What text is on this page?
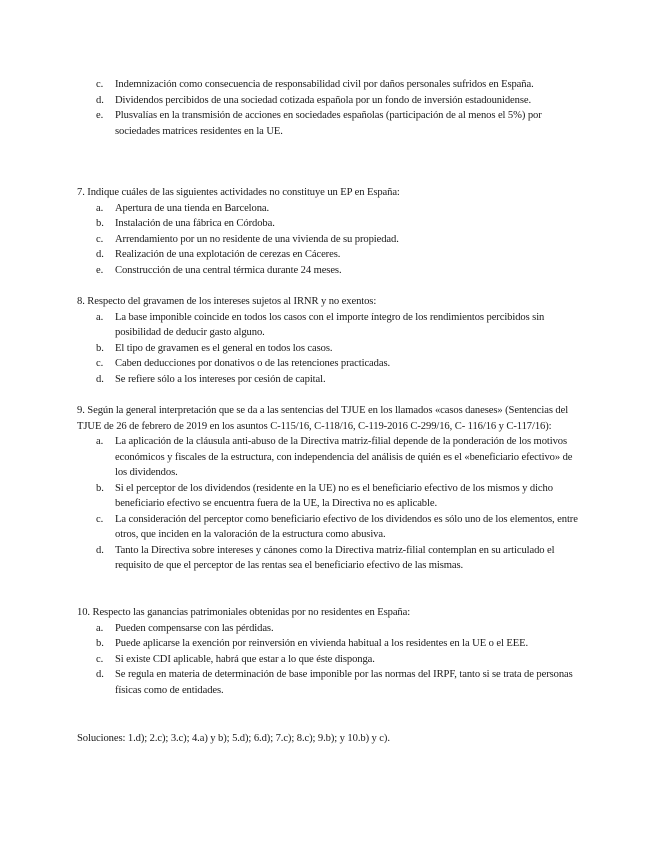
c. Indemnización como consecuencia de responsabilidad civil por daños personales sufridos en España.
d. Dividendos percibidos de una sociedad cotizada española por un fondo de inversión estadounidense.
e. Plusvalías en la transmisión de acciones en sociedades españolas (participación de al menos el 5%) por sociedades matrices residentes en la UE.

7. Indique cuáles de las siguientes actividades no constituye un EP en España:

a. Apertura de una tienda en Barcelona.
b. Instalación de una fábrica en Córdoba.
c. Arrendamiento por un no residente de una vivienda de su propiedad.
d. Realización de una explotación de cerezas en Cáceres.
e. Construcción de una central térmica durante 24 meses.

8. Respecto del gravamen de los intereses sujetos al IRNR y no exentos:

a. La base imponible coincide en todos los casos con el importe íntegro de los rendimientos percibidos sin posibilidad de deducir gasto alguno.
b. El tipo de gravamen es el general en todos los casos.
c. Caben deducciones por donativos o de las retenciones practicadas.
d. Se refiere sólo a los intereses por cesión de capital.

9. Según la general interpretación que se da a las sentencias del TJUE en los llamados «casos daneses» (Sentencias del TJUE de 26 de febrero de 2019 en los asuntos C-115/16, C-118/16, C-119-2016 C-299/16, C- 116/16 y C-117/16):

a. La aplicación de la cláusula anti-abuso de la Directiva matriz-filial depende de la ponderación de los motivos económicos y fiscales de la estructura, con independencia del análisis de quién es el «beneficiario efectivo» de los dividendos.
b. Si el perceptor de los dividendos (residente en la UE) no es el beneficiario efectivo de los mismos y dicho beneficiario efectivo se encuentra fuera de la UE, la Directiva no es aplicable.
c. La consideración del perceptor como beneficiario efectivo de los dividendos es sólo uno de los elementos, entre otros, que inciden en la valoración de la estructura como abusiva.
d. Tanto la Directiva sobre intereses y cánones como la Directiva matriz-filial contemplan en su articulado el requisito de que el perceptor de las rentas sea el beneficiario efectivo de las mismas.

10. Respecto las ganancias patrimoniales obtenidas por no residentes en España:

a. Pueden compensarse con las pérdidas.
b. Puede aplicarse la exención por reinversión en vivienda habitual a los residentes en la UE o el EEE.
c. Si existe CDI aplicable, habrá que estar a lo que éste disponga.
d. Se regula en materia de determinación de base imponible por las normas del IRPF, tanto si se trata de personas físicas como de entidades.

Soluciones: 1.d); 2.c); 3.c); 4.a) y b); 5.d); 6.d); 7.c); 8.c); 9.b); y 10.b) y c).
